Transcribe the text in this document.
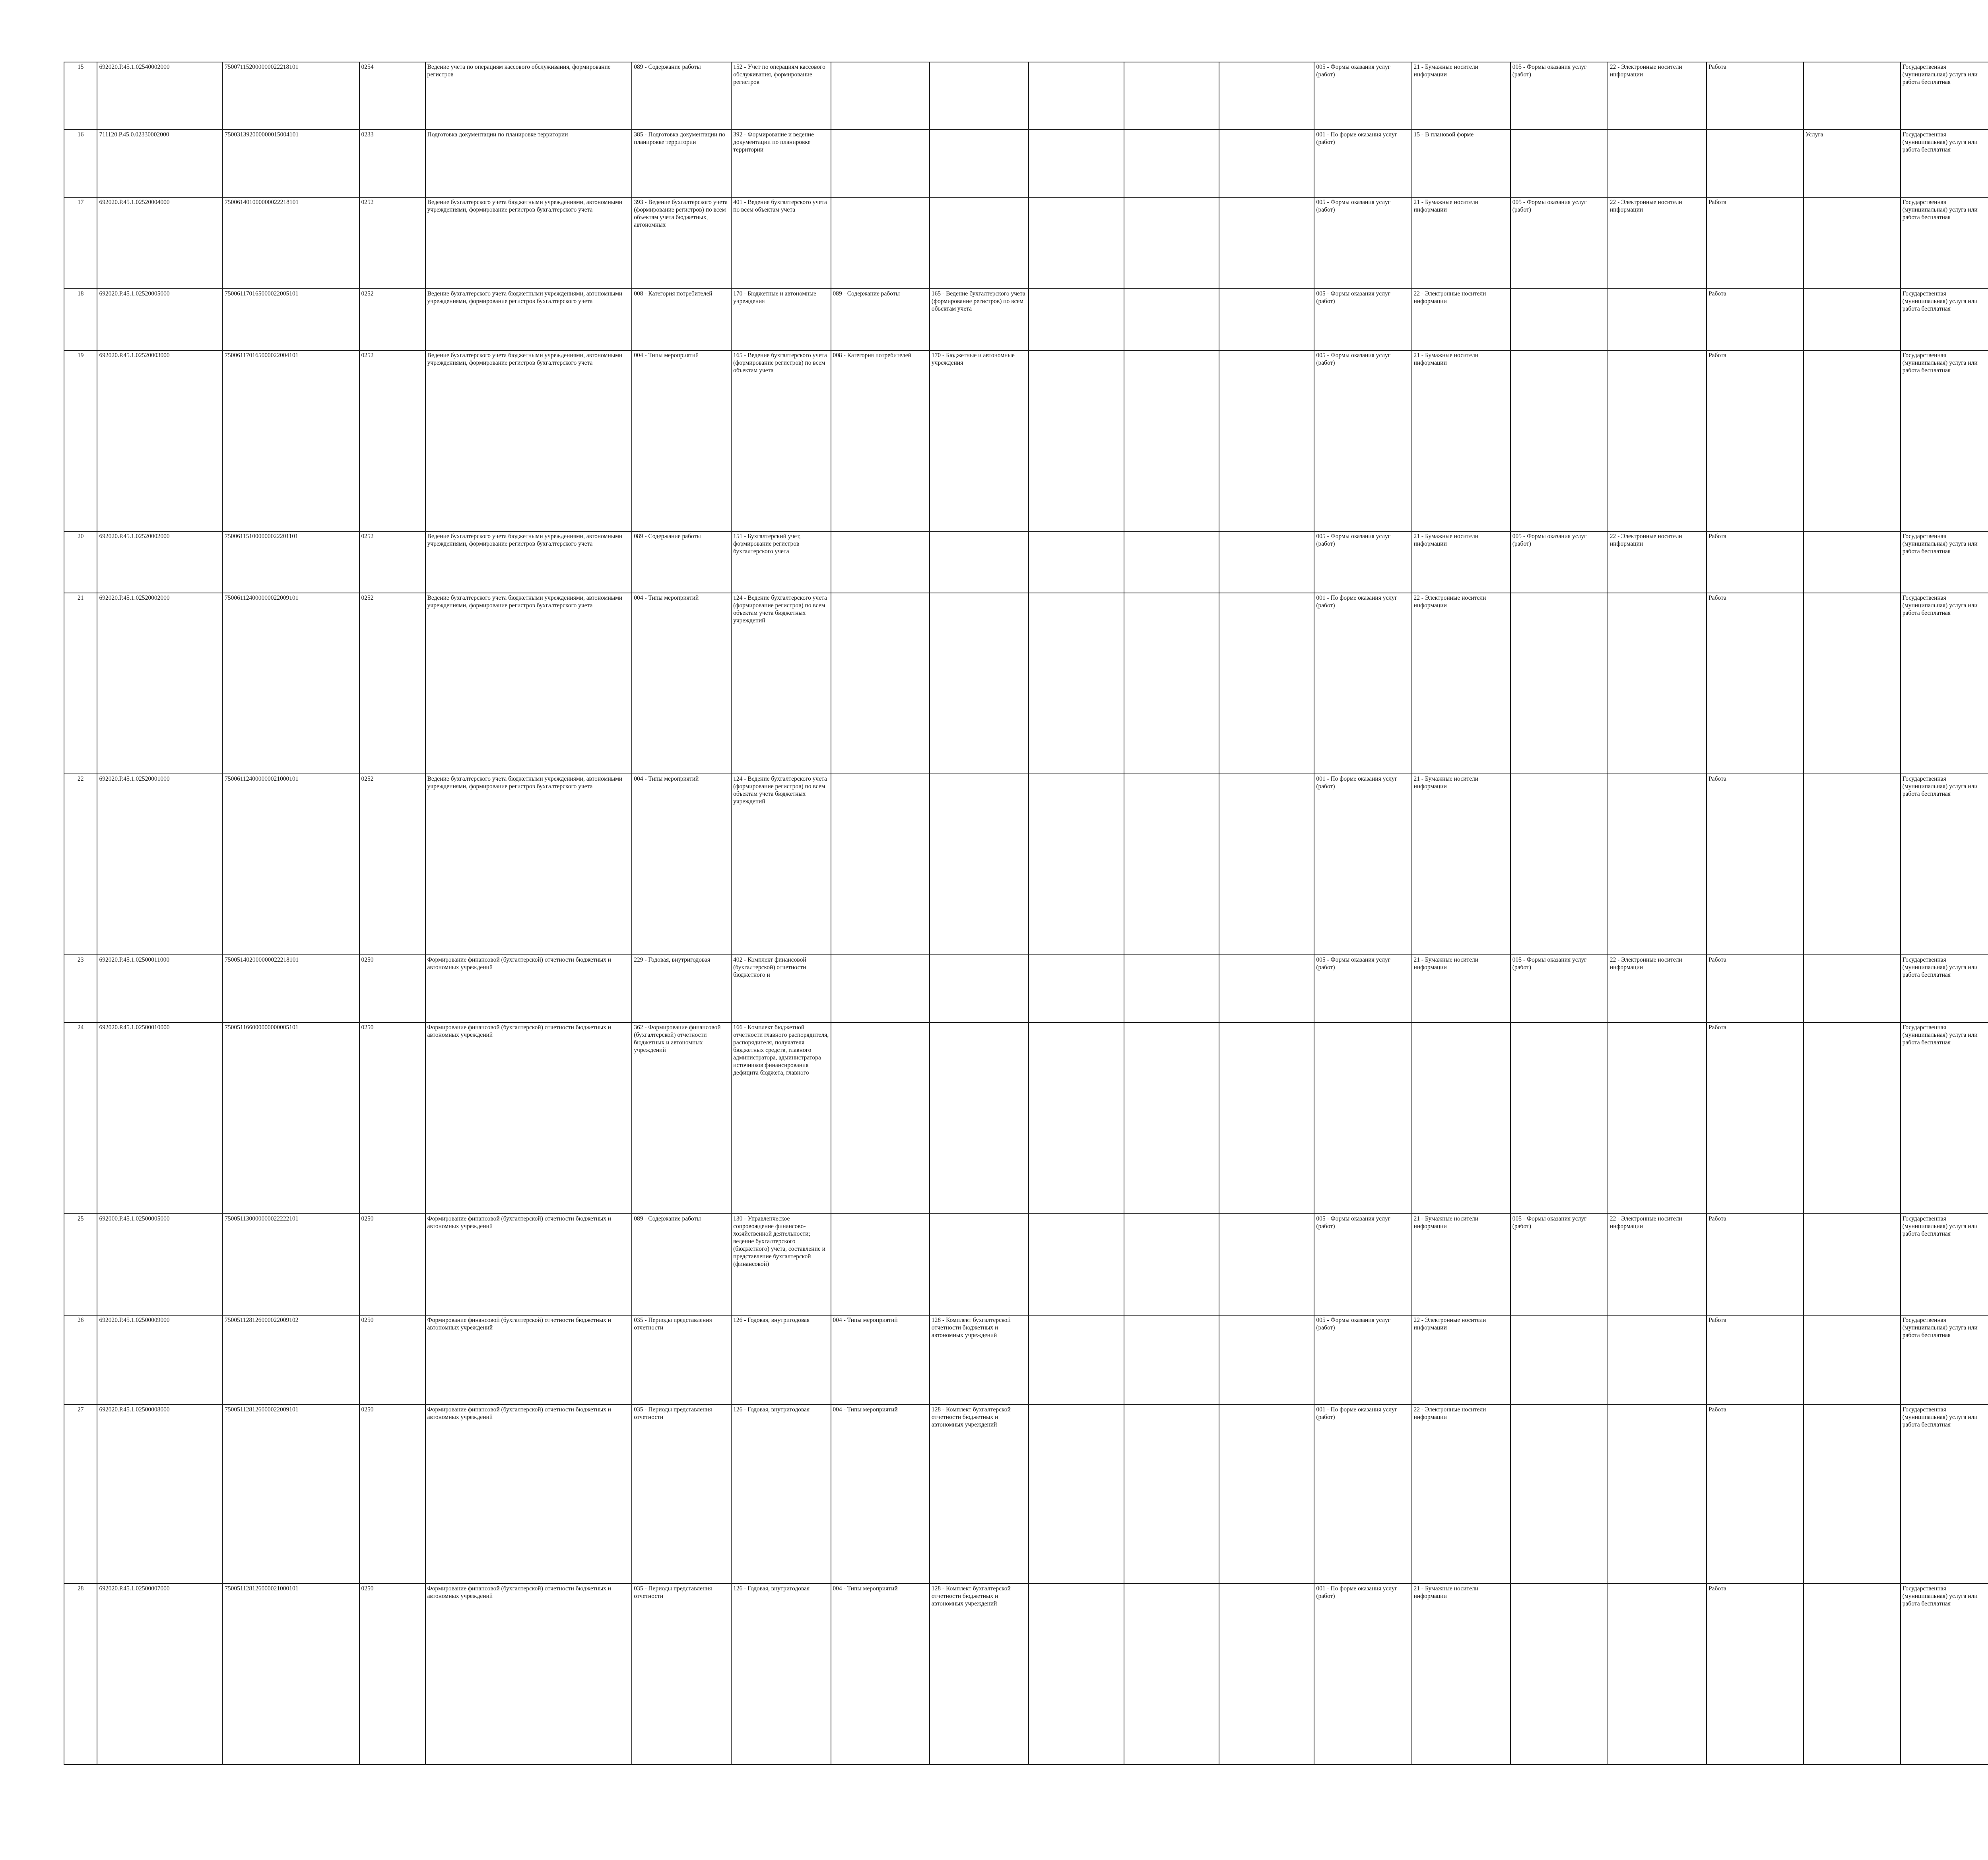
15	692020.Р.45.1.02540002000	750071152000000022218101	0254	Ведение учета по операциям кассового обслуживания, формирование регистров	089 - Содержание работы	152 - Учет по операциям кассового обслуживания, формирование регистров						005 - Формы оказания услуг (работ)	21 - Бумажные носители информации	005 - Формы оказания услуг (работ)	22 - Электронные носители информации	Работа		Государственная (муниципальная) услуга или работа бесплатная						
16	711120.Р.45.0.02330002000	750031392000000015004101	0233	Подготовка документации по планировке территории	385 - Подготовка документации по планировке территории	392 - Формирование и ведение документации по планировке территории						001 - По форме оказания услуг (работ)	15 - В плановой форме				Услуга	Государственная (муниципальная) услуга или работа бесплатная							
17	692020.Р.45.1.02520004000	750061401000000022218101	0252	Ведение бухгалтерского учета бюджетными учреждениями, автономными учреждениями, формирование регистров бухгалтерского учета	393 - Ведение бухгалтерского учета (формирование регистров) по всем объектам учета бюджетных, автономных	401 - Ведение бухгалтерского учета по всем объектам учета						005 - Формы оказания услуг (работ)	21 - Бумажные носители информации	005 - Формы оказания услуг (работ)	22 - Электронные носители информации	Работа		Государственная (муниципальная) услуга или работа бесплатная							
18	692020.Р.45.1.02520005000	750061170165000022005101	0252	Ведение бухгалтерского учета бюджетными учреждениями, автономными учреждениями, формирование регистров бухгалтерского учета	008 - Категория потребителей	170 - Бюджетные и автономные учреждения	089 - Содержание работы	165 - Ведение бухгалтерского учета (формирование регистров) по всем объектам учета				005 - Формы оказания услуг (работ)	22 - Электронные носители информации			Работа		Государственная (муниципальная) услуга или работа бесплатная							
19	692020.Р.45.1.02520003000	750061170165000022004101	0252	Ведение бухгалтерского учета бюджетными учреждениями, автономными учреждениями, формирование регистров бухгалтерского учета	004 - Типы мероприятий	165 - Ведение бухгалтерского учета (формирование регистров) по всем объектам учета	008 - Категория потребителей	170 - Бюджетные и автономные учреждения				005 - Формы оказания услуг (работ)	21 - Бумажные носители информации			Работа		Государственная (муниципальная) услуга или работа бесплатная							
20	692020.Р.45.1.02520002000	750061151000000022201101	0252	Ведение бухгалтерского учета бюджетными учреждениями, автономными учреждениями, формирование регистров бухгалтерского учета	089 - Содержание работы	151 - Бухгалтерский учет, формирование регистров бухгалтерского учета						005 - Формы оказания услуг (работ)	21 - Бумажные носители информации	005 - Формы оказания услуг (работ)	22 - Электронные носители информации	Работа		Государственная (муниципальная) услуга или работа бесплатная						
21	692020.Р.45.1.02520002000	750061124000000022009101	0252	Ведение бухгалтерского учета бюджетными учреждениями, автономными учреждениями, формирование регистров бухгалтерского учета	004 - Типы мероприятий	124 - Ведение бухгалтерского учета (формирование регистров) по всем объектам учета бюджетных учреждений						001 - По форме оказания услуг (работ)	22 - Электронные носители информации			Работа		Государственная (муниципальная) услуга или работа бесплатная							
22	692020.Р.45.1.02520001000	750061124000000021000101	0252	Ведение бухгалтерского учета бюджетными учреждениями, автономными учреждениями, формирование регистров бухгалтерского учета	004 - Типы мероприятий	124 - Ведение бухгалтерского учета (формирование регистров) по всем объектам учета бюджетных учреждений						001 - По форме оказания услуг (работ)	21 - Бумажные носители информации			Работа		Государственная (муниципальная) услуга или работа бесплатная							
23	692020.Р.45.1.02500011000	750051402000000022218101	0250	Формирование финансовой (бухгалтерской) отчетности бюджетных и автономных учреждений	229 - Годовая, внутригодовая	402 - Комплект финансовой (бухгалтерской) отчетности бюджетного и						005 - Формы оказания услуг (работ)	21 - Бумажные носители информации	005 - Формы оказания услуг (работ)	22 - Электронные носители информации	Работа		Государственная (муниципальная) услуга или работа бесплатная							
24	692020.Р.45.1.02500010000	750051166000000000005101	0250	Формирование финансовой (бухгалтерской) отчетности бюджетных и автономных учреждений	362 - Формирование финансовой (бухгалтерской) отчетности бюджетных и автономных учреждений	166 - Комплект бюджетной отчетности главного распорядителя, распорядителя, получателя бюджетных средств, главного администратора, администратора источников финансирования дефицита бюджета, главного										Работа		Государственная (муниципальная) услуга или работа бесплатная							
25	692000.Р.45.1.02500005000	750051130000000022222101	0250	Формирование финансовой (бухгалтерской) отчетности бюджетных и автономных учреждений	089 - Содержание работы	130 - Управленческое сопровождение финансово-хозяйственной деятельности; ведение бухгалтерского (бюджетного) учета, составление и представление бухгалтерской (финансовой)						005 - Формы оказания услуг (работ)	21 - Бумажные носители информации	005 - Формы оказания услуг (работ)	22 - Электронные носители информации	Работа		Государственная (муниципальная) услуга или работа бесплатная						
26	692020.Р.45.1.02500009000	750051128126000022009102	0250	Формирование финансовой (бухгалтерской) отчетности бюджетных и автономных учреждений	035 - Периоды представления отчетности	126 - Годовая, внутригодовая	004 - Типы мероприятий	128 - Комплект бухгалтерской отчетности бюджетных и автономных учреждений				005 - Формы оказания услуг (работ)	22 - Электронные носители информации			Работа		Государственная (муниципальная) услуга или работа бесплатная							
27	692020.Р.45.1.02500008000	750051128126000022009101	0250	Формирование финансовой (бухгалтерской) отчетности бюджетных и автономных учреждений	035 - Периоды представления отчетности	126 - Годовая, внутригодовая	004 - Типы мероприятий	128 - Комплект бухгалтерской отчетности бюджетных и автономных учреждений				001 - По форме оказания услуг (работ)	22 - Электронные носители информации			Работа		Государственная (муниципальная) услуга или работа бесплатная							
28	692020.Р.45.1.02500007000	750051128126000021000101	0250	Формирование финансовой (бухгалтерской) отчетности бюджетных и автономных учреждений	035 - Периоды представления отчетности	126 - Годовая, внутригодовая	004 - Типы мероприятий	128 - Комплект бухгалтерской отчетности бюджетных и автономных учреждений				001 - По форме оказания услуг (работ)	21 - Бумажные носители информации			Работа		Государственная (муниципальная) услуга или работа бесплатная							
